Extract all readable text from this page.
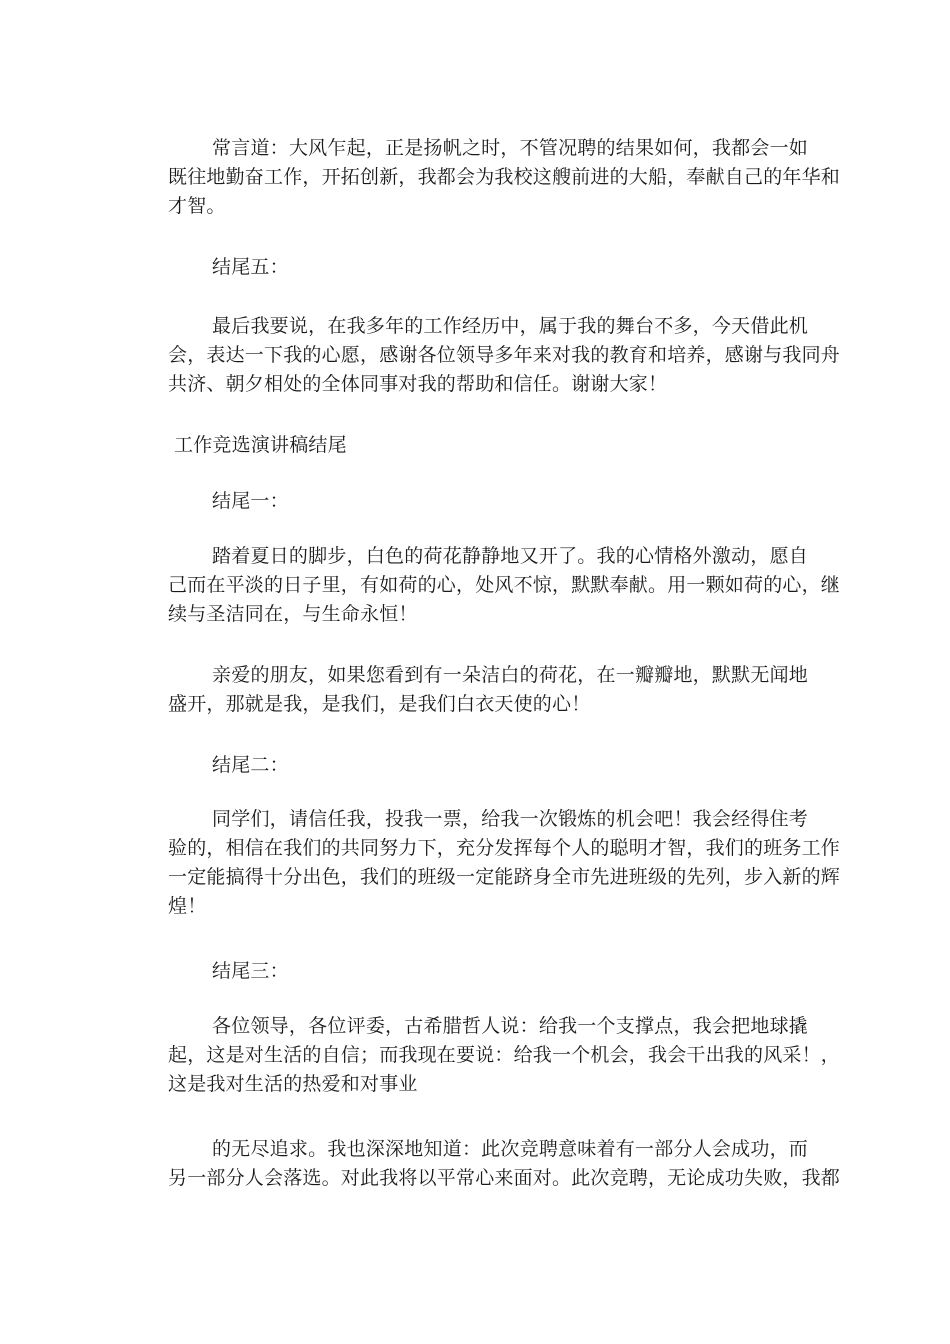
常言道：大风乍起，正是扬帆之时，不管况聘的结果如何，我都会一如
既往地勤奋工作，开拓创新，我都会为我校这艘前进的大船，奉献自己的年华和
才智。
结尾五：
最后我要说，在我多年的工作经历中，属于我的舞台不多，今天借此机
会，表达一下我的心愿，感谢各位领导多年来对我的教育和培养，感谢与我同舟
共济、朝夕相处的全体同事对我的帮助和信任。谢谢大家！
工作竞选演讲稿结尾
结尾一：
踏着夏日的脚步，白色的荷花静静地又开了。我的心情格外激动，愿自
己而在平淡的日子里，有如荷的心，处风不惊，默默奉献。用一颗如荷的心，继
续与圣洁同在，与生命永恒！
亲爱的朋友，如果您看到有一朵洁白的荷花，在一瓣瓣地，默默无闻地
盛开，那就是我，是我们，是我们白衣天使的心！
结尾二：
同学们，请信任我，投我一票，给我一次锻炼的机会吧！我会经得住考
验的，相信在我们的共同努力下，充分发挥每个人的聪明才智，我们的班务工作
一定能搞得十分出色，我们的班级一定能跻身全市先进班级的先列，步入新的辉
煌！
结尾三：
各位领导，各位评委，古希腊哲人说：给我一个支撑点，我会把地球撬
起，这是对生活的自信；而我现在要说：给我一个机会，我会干出我的风采！，
这是我对生活的热爱和对事业
的无尽追求。我也深深地知道：此次竞聘意味着有一部分人会成功，而
另一部分人会落选。对此我将以平常心来面对。此次竞聘，无论成功失败，我都
